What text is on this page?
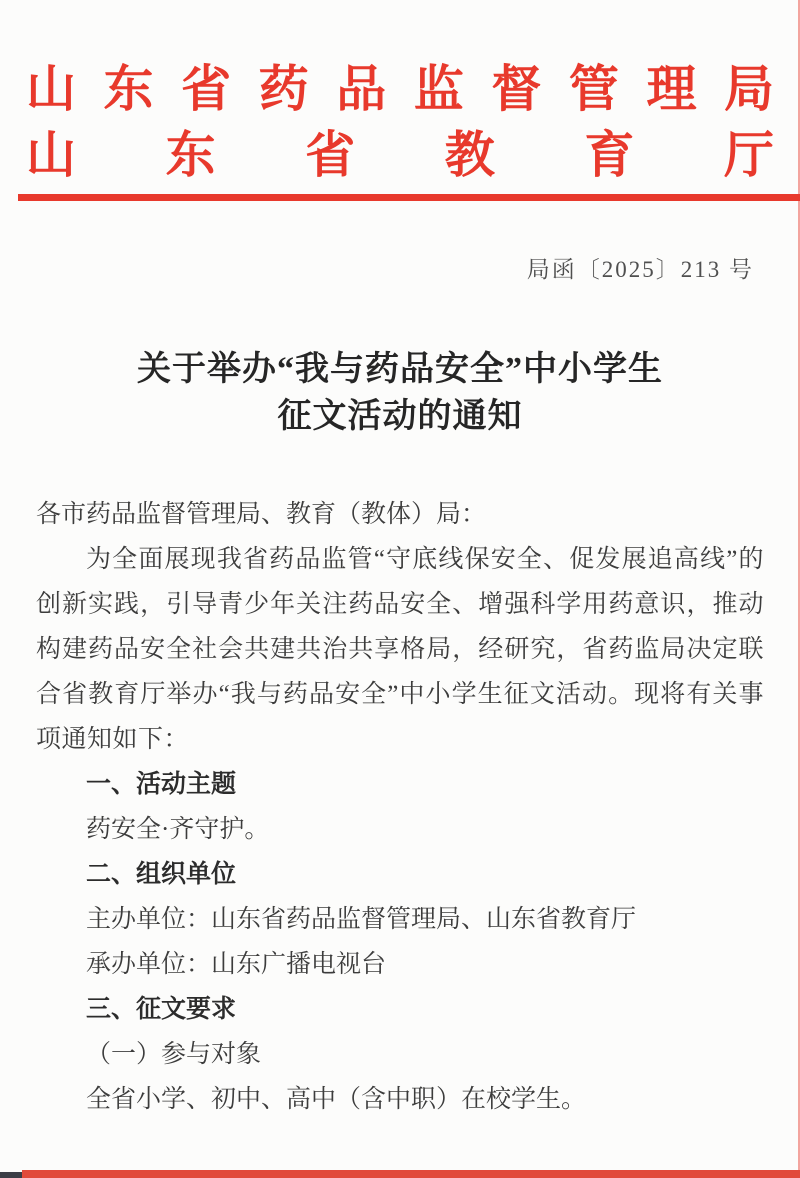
山东省药品监督管理局
山东省教育厅
局函〔2025〕213 号
关于举办“我与药品安全”中小学生
征文活动的通知
各市药品监督管理局、教育（教体）局：
为全面展现我省药品监管“守底线保安全、促发展追高线”的创新实践，引导青少年关注药品安全、增强科学用药意识，推动构建药品安全社会共建共治共享格局，经研究，省药监局决定联合省教育厅举办“我与药品安全”中小学生征文活动。现将有关事项通知如下：
一、活动主题
药安全·齐守护。
二、组织单位
主办单位：山东省药品监督管理局、山东省教育厅
承办单位：山东广播电视台
三、征文要求
（一）参与对象
全省小学、初中、高中（含中职）在校学生。
